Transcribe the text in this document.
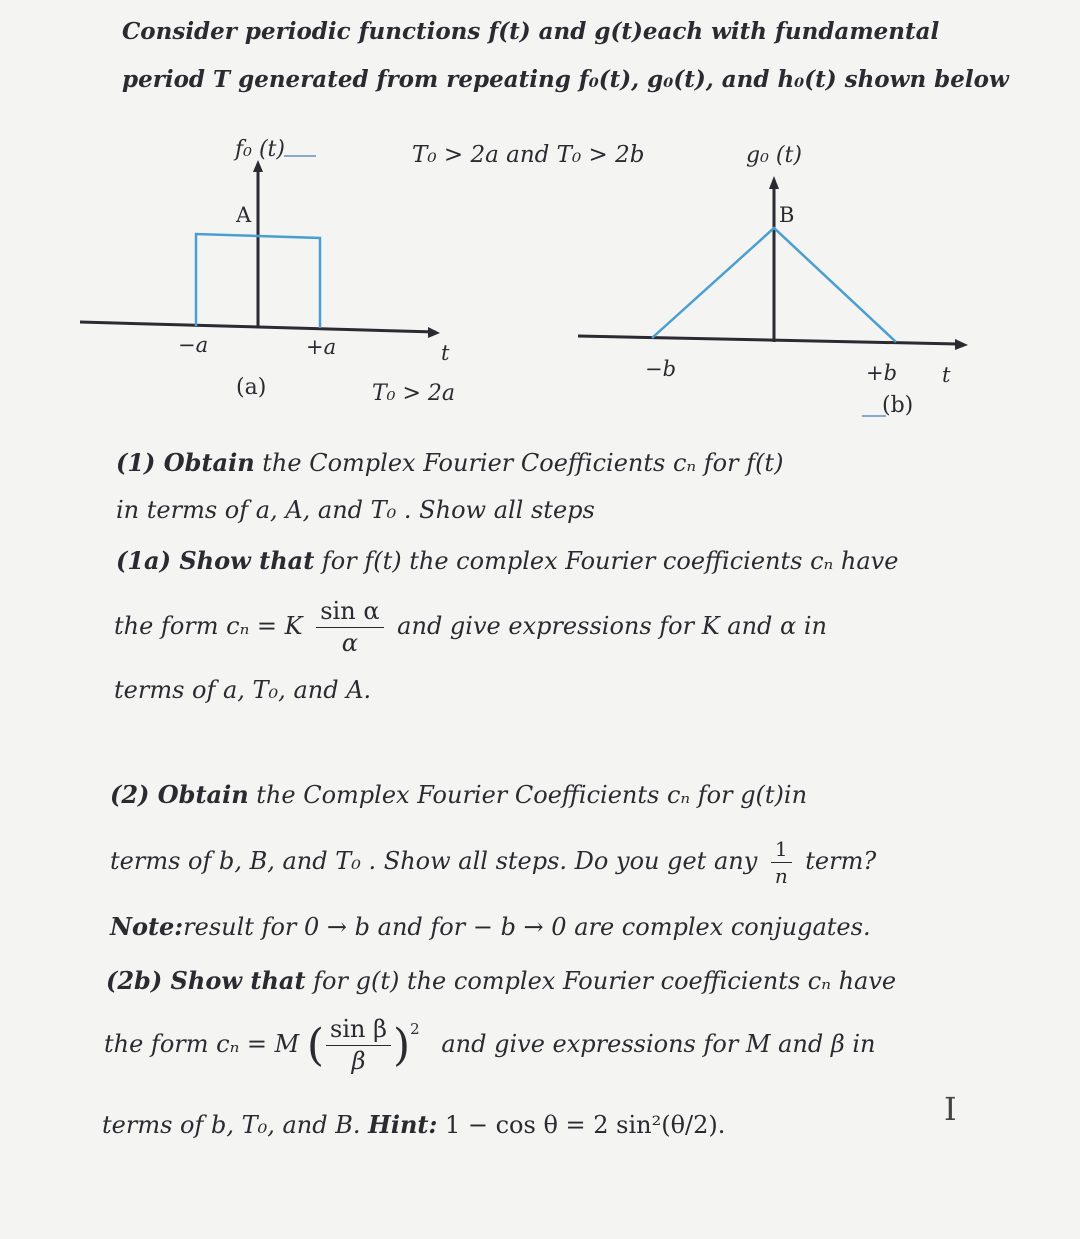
Consider periodic functions f(t) and g(t)each with fundamental
period T generated from repeating f₀(t), g₀(t), and h₀(t) shown below
f₀ (t)
A
−a	+a	t
(a)	T₀ > 2a
T₀ > 2a and T₀ > 2b	g₀ (t)
B
−b	+b t
(b)
(1) Obtain the Complex Fourier Coefficients cₙ for f(t)
in terms of a, A, and T₀ . Show all steps
(1a) Show that for f(t) the complex Fourier coefficients cₙ have
the form cₙ = K $\frac{\text{sin α}}{\alpha}$ and give expressions for K and α in
terms of a, T₀, and A.
(2) Obtain the Complex Fourier Coefficients cₙ for g(t)in
terms of b, B, and T₀ . Show all steps. Do you get any $\frac{1}{n}$ term?
Note:result for 0 → b and for − b → 0 are complex conjugates.
(2b) Show that for g(t) the complex Fourier coefficients cₙ have
the form cₙ = M ( $\frac{\text{sin β}}{\beta} )^2$ and give expressions for M and β in
terms of b, T₀, and B. Hint: 1 − cos θ = 2 sin²(θ/2).	I
